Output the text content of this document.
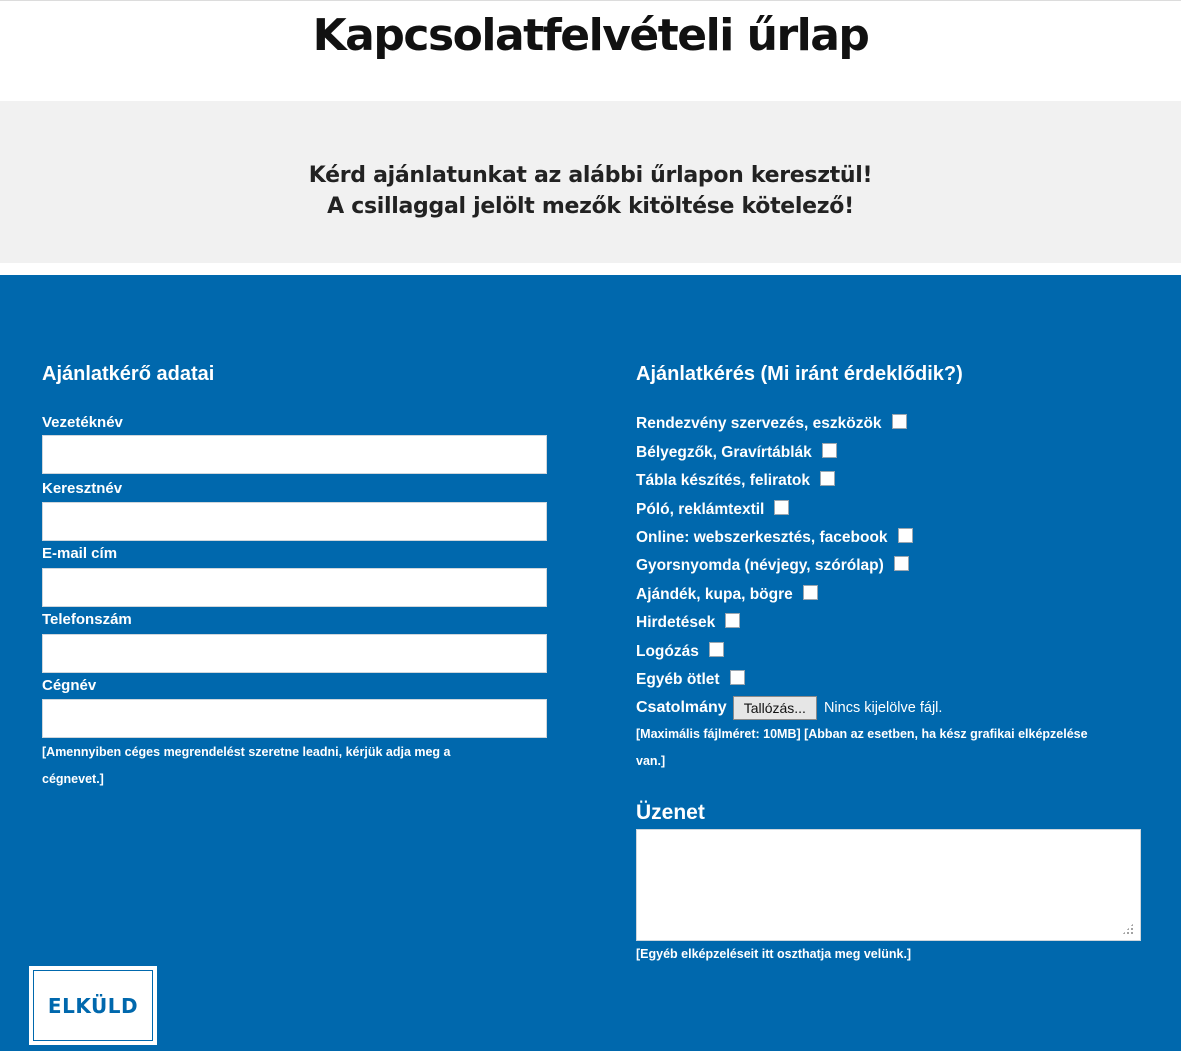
Kapcsolatfelvételi űrlap
Kérd ajánlatunkat az alábbi űrlapon keresztül!
A csillaggal jelölt mezők kitöltése kötelező!
Ajánlatkérő adatai
Vezetéknév
Keresztnév
E-mail cím
Telefonszám
Cégnév
[Amennyiben céges megrendelést szeretne leadni, kérjük adja meg a
cégnevet.]
Ajánlatkérés (Mi iránt érdeklődik?)
Rendezvény szervezés, eszközök
Bélyegzők, Gravírtáblák
Tábla készítés, feliratok
Póló, reklámtextil
Online: webszerkesztés, facebook
Gyorsnyomda (névjegy, szórólap)
Ajándék, kupa, bögre
Hirdetések
Logózás
Egyéb ötlet
Csatolmány	Tallózás...	Nincs kijelölve fájl.
[Maximális fájlméret: 10MB] [Abban az esetben, ha kész grafikai elképzelése
van.]
Üzenet
[Egyéb elképzeléseit itt oszthatja meg velünk.]
ELKÜLD
